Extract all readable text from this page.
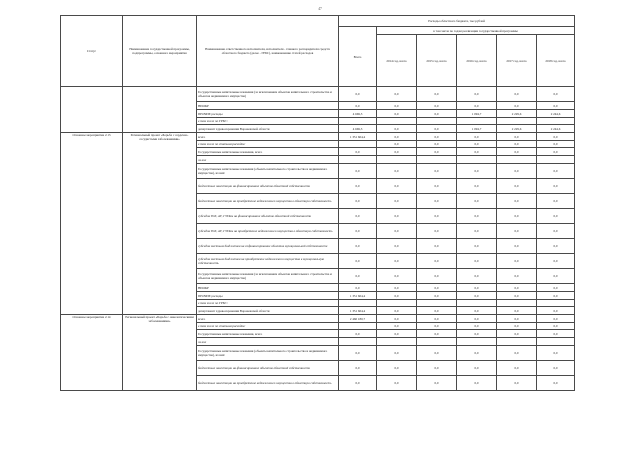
47
Статус	Наименование государственной программы, подпрограммы, основного мероприятия	Наименование ответственного исполнителя, исполнителя - главного распорядителя средств областного бюджета (далее - ГРБС), наименование статей расходов	Расходы областного бюджета, тыс.рублей					
			Всего	в том числе по годам реализации государственной программы				
				2014 год, всего	2015 год, всего	2016 год, всего	2017 год, всего	2018 год, всего
		Государственные капитальные вложения (за исключением объектов капитального строительства и объектов недвижимого имущества)	0,0	0,0	0,0	0,0	0,0	0,0
		НИОКР	0,0	0,0	0,0	0,0	0,0	0,0
		ПРОЧИЕ расходы	4 669,3	0,0	0,0	1 094,7	2 229,6	2 244,6
		в том числе по ГРБС:						
		департамент здравоохранения Воронежской области	4 669,3	0,0	0,0	1 094,7	2 229,6	2 244,6
Основное мероприятие 2.13	Региональный проект «Борьба с сердечно-сосудистыми заболеваниями»	всего	1 351 604,4	0,0	0,0	0,0	0,0	0,0
		в том числе по статьям расходов:		0,0	0,0	0,0	0,0	0,0
		Государственные капитальные вложения, всего	0,0	0,0	0,0	0,0	0,0	0,0
		из них						
		Государственные капитальные вложения (объекты капитального строительства и недвижимого имущества), из них:	0,0	0,0	0,0	0,0	0,0	0,0
		бюджетные инвестиции на финансирование объектов областной собственности	0,0	0,0	0,0	0,0	0,0	0,0
		бюджетные инвестиции на приобретение недвижимого имущества в областную собственность	0,0	0,0	0,0	0,0	0,0	0,0
		субсидии ЮЛ, АУ, ГУПам на финансирование объектов областной собственности	0,0	0,0	0,0	0,0	0,0	0,0
		субсидии ЮЛ, АУ, ГУПам на приобретение недвижимого имущества в областную собственность	0,0	0,0	0,0	0,0	0,0	0,0
		субсидии местным бюджетам на софинансирование объектов муниципальной собственности	0,0	0,0	0,0	0,0	0,0	0,0
		субсидии местным бюджетам на приобретение недвижимого имущества в муниципальную собственность	0,0	0,0	0,0	0,0	0,0	0,0
		Государственные капитальные вложения (за исключением объектов капитального строительства и объектов недвижимого имущества)	0,0	0,0	0,0	0,0	0,0	0,0
		НИОКР	0,0	0,0	0,0	0,0	0,0	0,0
		ПРОЧИЕ расходы	1 351 604,4	0,0	0,0	0,0	0,0	0,0
		в том числе по ГРБС:						
		департамент здравоохранения Воронежской области	1 351 604,4	0,0	0,0	0,0	0,0	0,0
Основное мероприятие 2.14	Региональный проект «Борьба с онкологическими заболеваниями»	всего	2 460 180,7	0,0	0,0	0,0	0,0	0,0
		в том числе по статьям расходов:		0,0	0,0	0,0	0,0	0,0
		Государственные капитальные вложения, всего	0,0	0,0	0,0	0,0	0,0	0,0
		из них						
		Государственные капитальные вложения (объекты капитального строительства и недвижимого имущества), из них:	0,0	0,0	0,0	0,0	0,0	0,0
		бюджетные инвестиции на финансирование объектов областной собственности	0,0	0,0	0,0	0,0	0,0	0,0
		бюджетные инвестиции на приобретение недвижимого имущества в областную собственность	0,0	0,0	0,0	0,0	0,0	0,0
